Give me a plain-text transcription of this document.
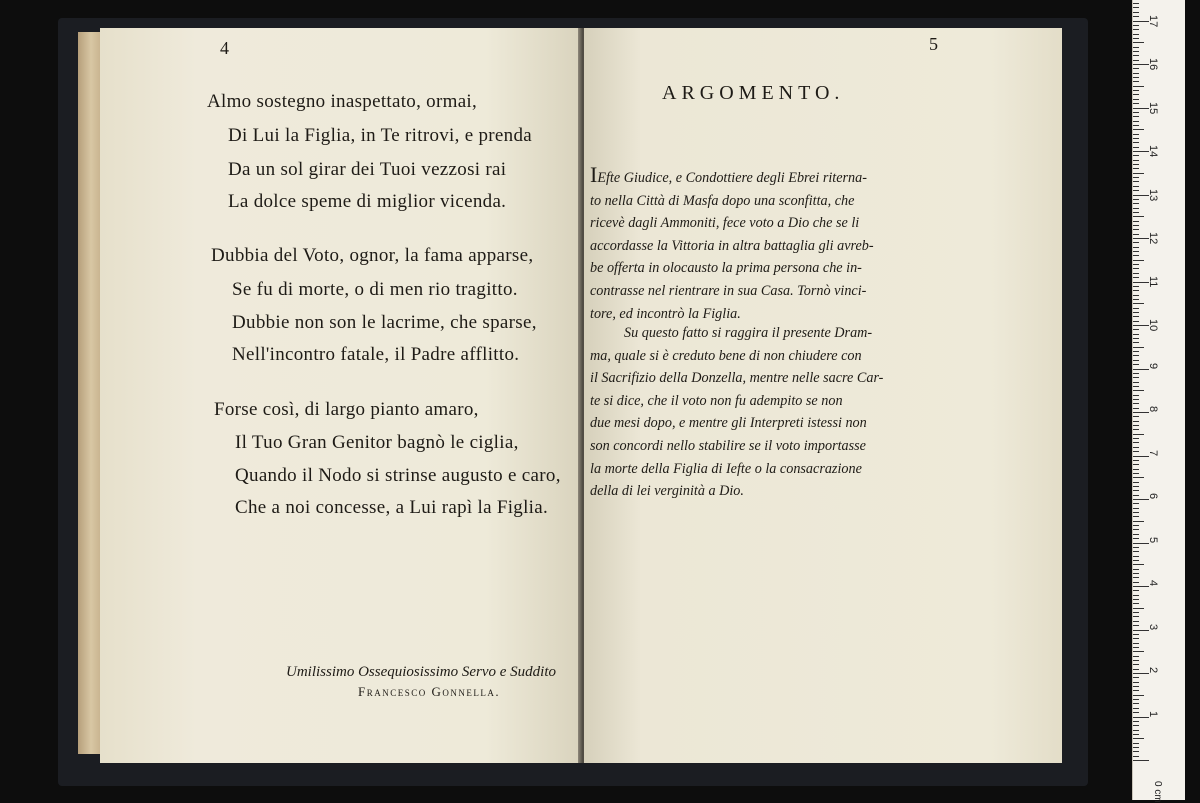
4
Almo sostegno inaspettato, ormai,
Di Lui la Figlia, in Te ritrovi, e prenda
Da un sol girar dei Tuoi vezzosi rai
La dolce speme di miglior vicenda.
Dubbia del Voto, ognor, la fama apparse,
Se fu di morte, o di men rio tragitto.
Dubbie non son le lacrime, che sparse,
Nell'incontro fatale, il Padre afflitto.
Forse così, di largo pianto amaro,
Il Tuo Gran Genitor bagnò le ciglia,
Quando il Nodo si strinse augusto e caro,
Che a noi concesse, a Lui rapì la Figlia.
Umilissimo Ossequiosissimo Servo e Suddito
Francesco Gonnella.
5
ARGOMENTO.
IEfte Giudice, e Condottiere degli Ebrei riterna-
to nella Città di Masfa dopo una sconfitta, che
ricevè dagli Ammoniti, fece voto a Dio che se li
accordasse la Vittoria in altra battaglia gli avreb-
be offerta in olocausto la prima persona che in-
contrasse nel rientrare in sua Casa. Tornò vinci-
tore, ed incontrò la Figlia.
Su questo fatto si raggira il presente Dram-
ma, quale si è creduto bene di non chiudere con
il Sacrifizio della Donzella, mentre nelle sacre Car-
te si dice, che il voto non fu adempito se non
due mesi dopo, e mentre gli Interpreti istessi non
son concordi nello stabilire se il voto importasse
la morte della Figlia di Iefte o la consacrazione
della di lei verginità a Dio.
0 cm
1
2
3
4
5
6
7
8
9
10
11
12
13
14
15
16
17
